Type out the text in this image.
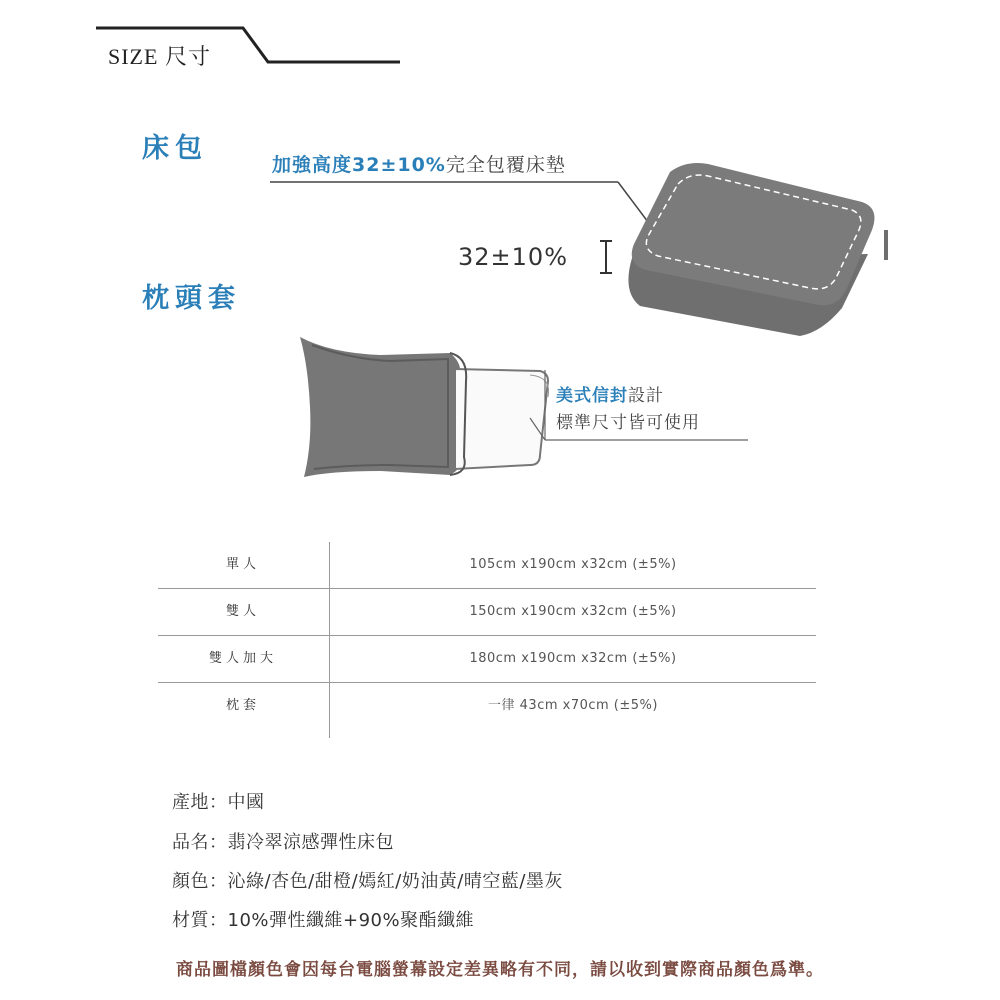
SIZE 尺寸
床包
枕頭套
加強高度32±10%完全包覆床墊
32±10%
美式信封設計
標準尺寸皆可使用
單人	105cm x190cm x32cm (±5%)
雙人	150cm x190cm x32cm (±5%)
雙人加大	180cm x190cm x32cm (±5%)
枕套	一律 43cm x70cm (±5%)
產地：中國
品名：翡冷翠涼感彈性床包
顏色：沁綠/杏色/甜橙/嫣紅/奶油黃/晴空藍/墨灰
材質：10%彈性纖維+90%聚酯纖維
商品圖檔顏色會因每台電腦螢幕設定差異略有不同，請以收到實際商品顏色爲準。
